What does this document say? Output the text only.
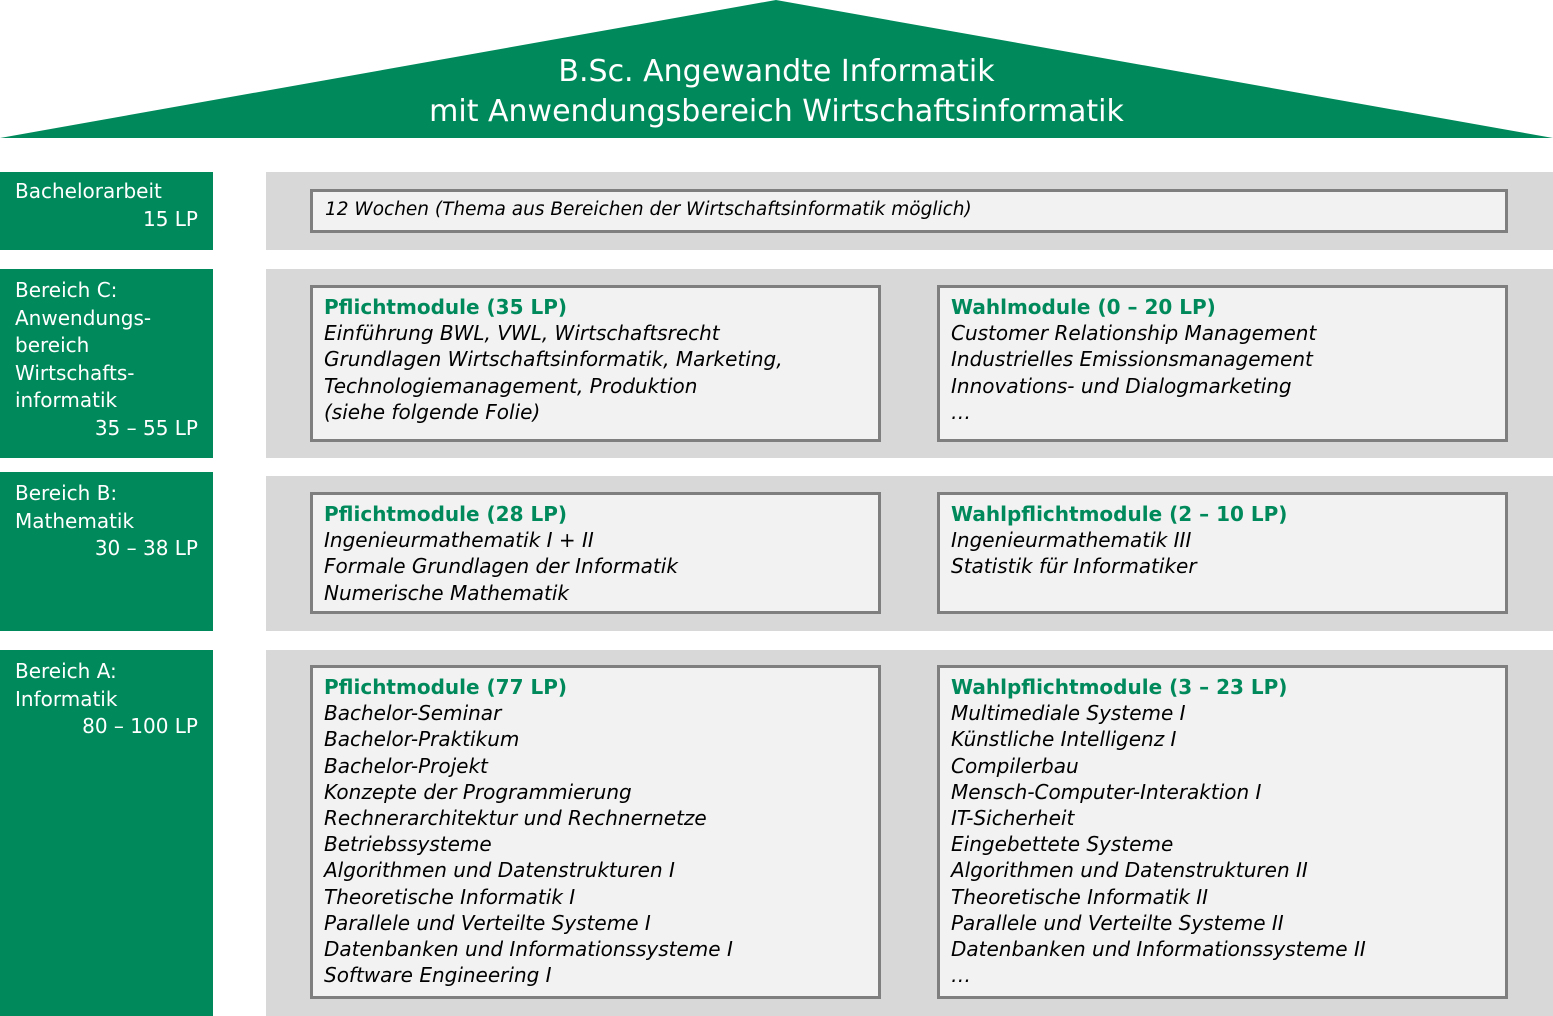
B.Sc. Angewandte Informatik
mit Anwendungsbereich Wirtschaftsinformatik
Bachelorarbeit
15 LP	12 Wochen (Thema aus Bereichen der Wirtschaftsinformatik möglich)
Bereich C:
Anwendungs-
bereich
Wirtschafts-
informatik
35 – 55 LP
Pflichtmodule (35 LP)
Einführung BWL, VWL, Wirtschaftsrecht
Grundlagen Wirtschaftsinformatik, Marketing,
Technologiemanagement, Produktion
(siehe folgende Folie)
Wahlmodule (0 – 20 LP)
Customer Relationship Management
Industrielles Emissionsmanagement
Innovations- und Dialogmarketing
…
Bereich B:
Mathematik
30 – 38 LP
Pflichtmodule (28 LP)
Ingenieurmathematik I + II
Formale Grundlagen der Informatik
Numerische Mathematik
Wahlpflichtmodule (2 – 10 LP)
Ingenieurmathematik III
Statistik für Informatiker
Bereich A:
Informatik
80 – 100 LP
Pflichtmodule (77 LP)
Bachelor-Seminar
Bachelor-Praktikum
Bachelor-Projekt
Konzepte der Programmierung
Rechnerarchitektur und Rechnernetze
Betriebssysteme
Algorithmen und Datenstrukturen I
Theoretische Informatik I
Parallele und Verteilte Systeme I
Datenbanken und Informationssysteme I
Software Engineering I
Wahlpflichtmodule (3 – 23 LP)
Multimediale Systeme I
Künstliche Intelligenz I
Compilerbau
Mensch-Computer-Interaktion I
IT-Sicherheit
Eingebettete Systeme
Algorithmen und Datenstrukturen II
Theoretische Informatik II
Parallele und Verteilte Systeme II
Datenbanken und Informationssysteme II
…
